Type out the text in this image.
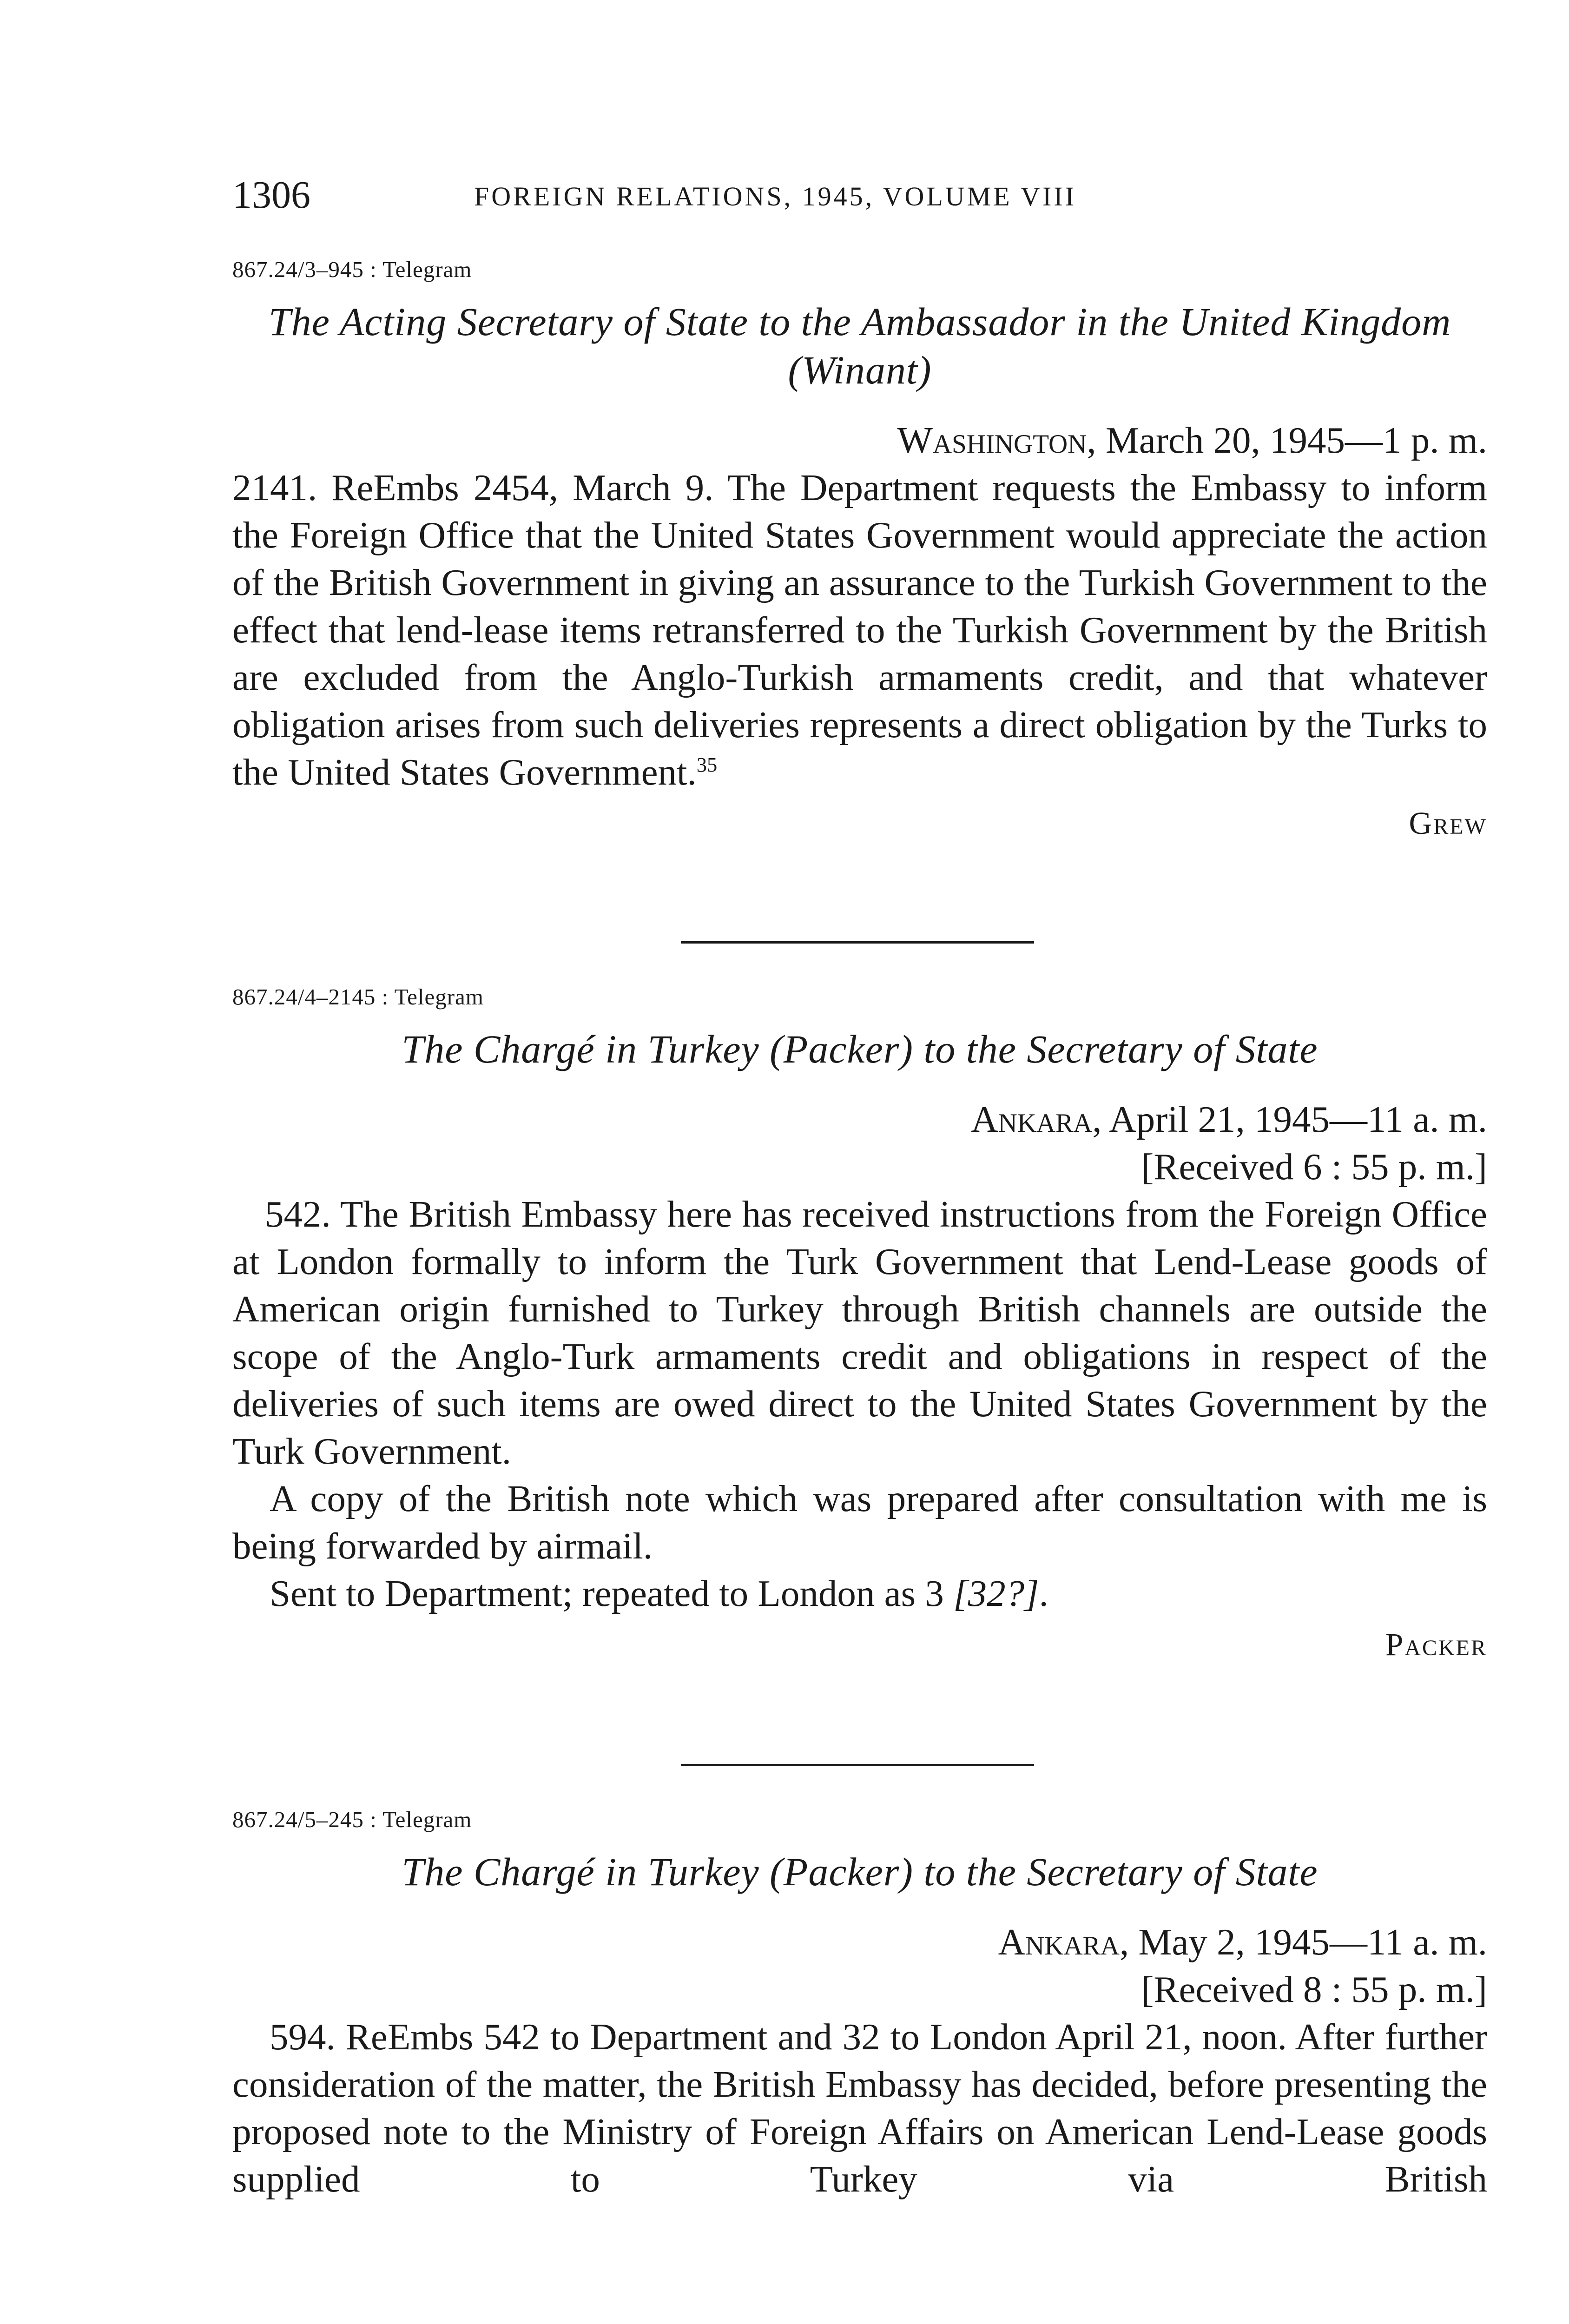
1306	FOREIGN RELATIONS, 1945, VOLUME VIII

867.24/3–945 : Telegram

The Acting Secretary of State to the Ambassador in the United Kingdom (Winant)

Washington, March 20, 1945—1 p. m.

2141. ReEmbs 2454, March 9. The Department requests the Embassy to inform the Foreign Office that the United States Government would appreciate the action of the British Government in giving an assurance to the Turkish Government to the effect that lend-lease items retransferred to the Turkish Government by the British are excluded from the Anglo-Turkish armaments credit, and that whatever obligation arises from such deliveries represents a direct obligation by the Turks to the United States Government.$^{35}$

Grew

867.24/4–2145 : Telegram

The Chargé in Turkey (Packer) to the Secretary of State

Ankara, April 21, 1945—11 a. m.

[Received 6 : 55 p. m.]

542. The British Embassy here has received instructions from the Foreign Office at London formally to inform the Turk Government that Lend-Lease goods of American origin furnished to Turkey through British channels are outside the scope of the Anglo-Turk armaments credit and obligations in respect of the deliveries of such items are owed direct to the United States Government by the Turk Government.

A copy of the British note which was prepared after consultation with me is being forwarded by airmail.

Sent to Department; repeated to London as 3 [32?].

Packer

867.24/5–245 : Telegram

The Chargé in Turkey (Packer) to the Secretary of State

Ankara, May 2, 1945—11 a. m.

[Received 8 : 55 p. m.]

594. ReEmbs 542 to Department and 32 to London April 21, noon. After further consideration of the matter, the British Embassy has decided, before presenting the proposed note to the Ministry of Foreign Affairs on American Lend-Lease goods supplied to Turkey via British
